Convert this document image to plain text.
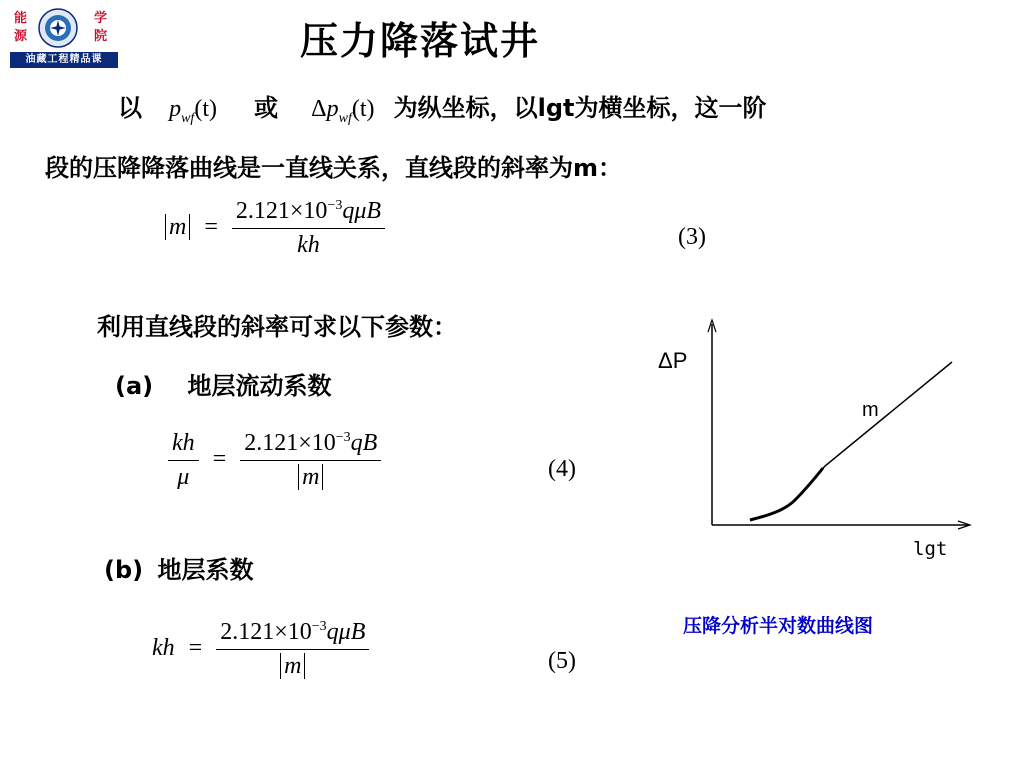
能
源
学
院
油藏工程精品课	压力降落试井
以 $p_{wf}(t)$ 或 $\Delta p_{wf}(t)$ 为纵坐标，以lgt为横坐标，这一阶
段的压降降落曲线是一直线关系，直线段的斜率为m：
$m = \frac{2.121\times 10^{-3}q\mu B}{kh}$	(3)
利用直线段的斜率可求以下参数：
(a) 地层流动系数
$\frac{kh}{\mu} = \frac{2.121\times 10^{-3}qB}{m}$	(4)
(b) 地层系数
kh = $\frac{2.121\times 10^{-3}q\mu B}{m}$	(5)
ΔP
m
lgt
压降分析半对数曲线图
